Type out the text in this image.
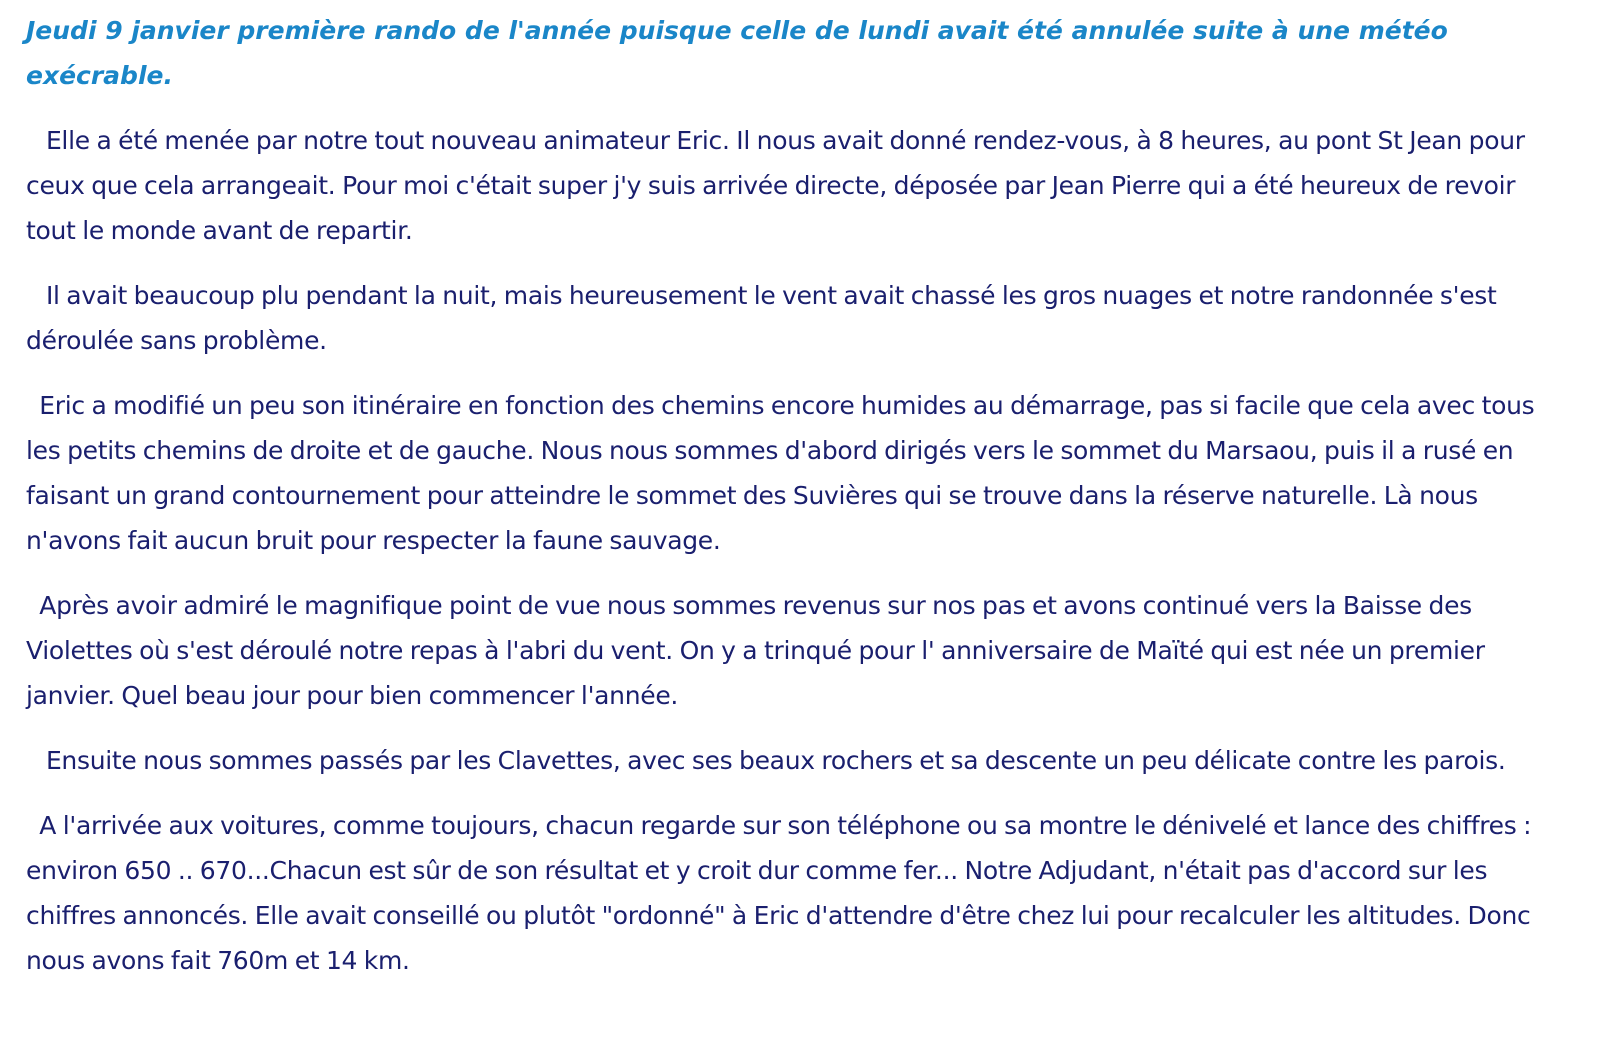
Jeudi 9 janvier première rando de l'année puisque celle de lundi avait été annulée suite à une météo exécrable.

Elle a été menée par notre tout nouveau animateur Eric. Il nous avait donné rendez-vous, à 8 heures, au pont St Jean pour ceux que cela arrangeait. Pour moi c'était super j'y suis arrivée directe, déposée par Jean Pierre qui a été heureux de revoir tout le monde avant de repartir.

Il avait beaucoup plu pendant la nuit, mais heureusement le vent avait chassé les gros nuages et notre randonnée s'est déroulée sans problème.

Eric a modifié un peu son itinéraire en fonction des chemins encore humides au démarrage, pas si facile que cela avec tous les petits chemins de droite et de gauche. Nous nous sommes d'abord dirigés vers le sommet du Marsaou, puis il a rusé en faisant un grand contournement pour atteindre le sommet des Suvières qui se trouve dans la réserve naturelle. Là nous n'avons fait aucun bruit pour respecter la faune sauvage.

Après avoir admiré le magnifique point de vue nous sommes revenus sur nos pas et avons continué vers la Baisse des Violettes où s'est déroulé notre repas à l'abri du vent. On y a trinqué pour l' anniversaire de Maïté qui est née un premier janvier. Quel beau jour pour bien commencer l'année.

Ensuite nous sommes passés par les Clavettes, avec ses beaux rochers et sa descente un peu délicate contre les parois.

A l'arrivée aux voitures, comme toujours, chacun regarde sur son téléphone ou sa montre le dénivelé et lance des chiffres : environ 650 .. 670...Chacun est sûr de son résultat et y croit dur comme fer... Notre Adjudant, n'était pas d'accord sur les chiffres annoncés. Elle avait conseillé ou plutôt "ordonné" à Eric d'attendre d'être chez lui pour recalculer les altitudes. Donc nous avons fait 760m et 14 km.
